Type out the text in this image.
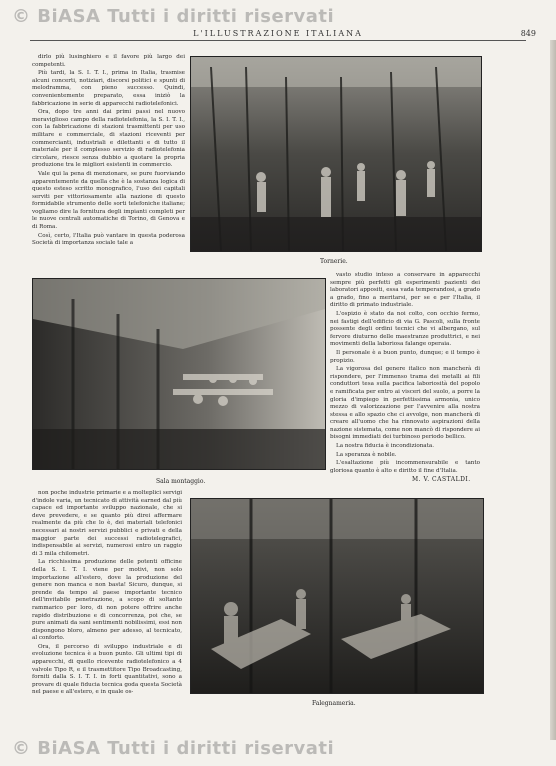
© BiASA Tutti i diritti riservati
L'ILLUSTRAZIONE ITALIANA	849

dirlo più lusinghiero e il favore più largo dei competenti.

Più tardi, la S. I. T. I., prima in Italia, trasmise alcuni concerti, notiziari, discorsi politici e spunti di melodramma, con pieno successo. Quindi, convenientemente preparato, essa iniziò la fabbricazione in serie di apparecchi radiotelefonici.

Ora, dopo tre anni dai primi passi nel nuovo meraviglioso campo della radiotelefonia, la S. I. T. I., con la fabbricazione di stazioni trasmittenti per uso militare e commerciale, di stazioni riceventi per commercianti, industriali e dilettanti e di tutto il materiale per il complesso servizio di radiotelefonia circolare, riesce senza dubbio a quotare la propria produzione tra le migliori esistenti in commercio.

Vale qui la pena di menzionare, se pure fuorviando apparentemente da quella che è la sostanza logica di questo esteso scritto monografico, l'uso dei capitali serviti per vittoriosamente alla nazione di questo formidabile strumento delle sorti telefoniche italiane; vogliamo dire la fornitura degli impianti completi per le nuove centrali automatiche di Torino, di Genova e di Roma.

Così, certo, l'Italia può vantare in questa poderosa Società di importanza sociale tale a

Tornerie.
Sala montaggio.

vasto studio inteso a conservare in apparecchi sempre più perfetti gli esperimenti pazienti dei laboratori appositi, essa vada temperandosi, a grado a grado, fino a meritarsi, per se e per l'Italia, il diritto di primato industriale.

L'ospizio è stato da noi colto, con occhio fermo, nei fastigi dell'edificio di via G. Pascoli, sulla fronte possente degli ordini tecnici che vi albergano, sul fervore diuturno delle maestranze produttrici, e nei movimenti della laboriosa falange operaia.

Il personale è a buon punto, dunque; e il tempo è propizio.

La vigorosa del genere italico non mancherà di rispondere, per l'immenso trama dei metalli ai fili conduttori tesa sulla pacifica laboriosità del popolo e ramificata per entro ai visceri del suolo, a porre la gloria d'impiego in perfettissima armonia, unico mezzo di valorizzazione per l'avvenire alla nostra stessa e allo spazio che ci avvolge, non mancherà di creare all'uomo che ha rinnovato aspirazioni della nazione sistemata, come non mancò di rispondere ai bisogni immediati dei turbinoso periodo bellico.

La nostra fiducia è incondizionata.

La speranza è nobile.

L'esaltazione più incommensurabile e tanto gloriosa quanto è alto e diritto il fine d'Italia.

M. V. CASTALDI.

non poche industrie primarie e a molteplici servigi d'indole varia, un tecnicato di attività earned dal più capace ed importante sviluppo nazionale, che si deve prevedere, e se quanto più direi affermare realmente da più che lo è, dei materiali telefonici necessari ai nostri servizi pubblici e privati e della maggior parte dei successi radiotelegrafici, indispensabile ai servizi, numerosi entro un raggio di 3 mila chilometri.

La ricchissima produzione delle potenti officine della S. I. T. I. viene per motivi, non solo importazione all'estero, dove la produzione del genere non manca e non basta! Sicuro, dunque, si prende da tempo al paese importante tecnico dell'invitabile penetrazione, a scopo di soltanto rammarico per loro, di non potere offrire anche rapido distribuzione e di concorrenza, poi che, se pure animati da sani sentimenti nobilissimi, essi non dispongono bloro, almeno per adesso, al tecnicato, al conforto.

Ora, il percorso di sviluppo industriale e di evoluzione tecnica è a buon punto. Gli ultimi tipi di apparecchi, di quello ricevente radiotelefonico a 4 valvole Tipo R, e il trasmettitore Tipo Broadcasting, forniti dalla S. I. T. I. in forti quantitativi, sono a provare di quale fiducia tecnica goda questa Società nel paese e all'estero, e in quale os-

Falegnameria.
© BiASA Tutti i diritti riservati
